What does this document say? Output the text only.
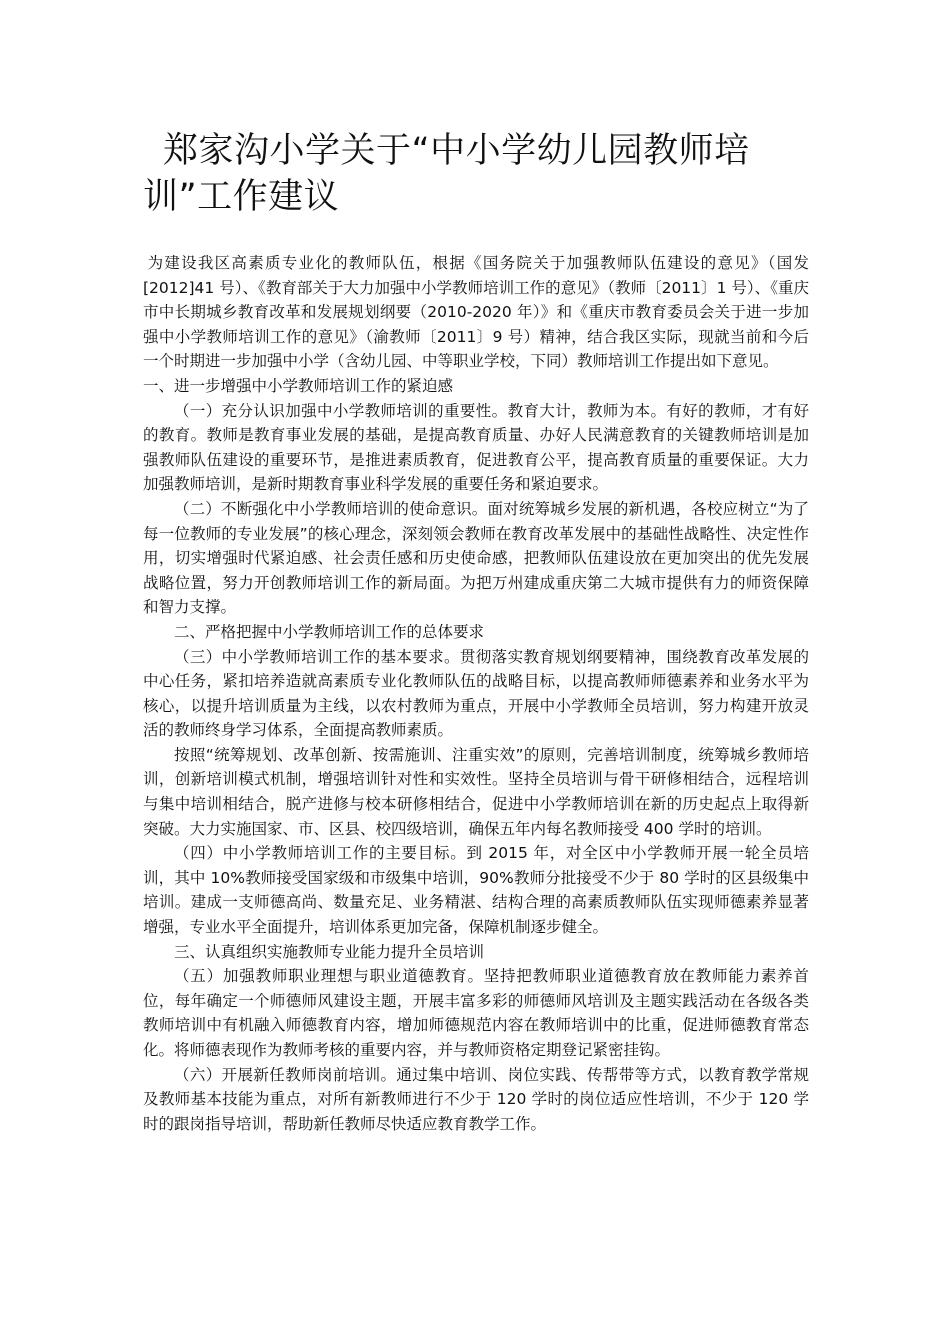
郑家沟小学关于“中小学幼儿园教师培训”工作建议

为建设我区高素质专业化的教师队伍，根据《国务院关于加强教师队伍建设的意见》（国发[2012]41 号）、《教育部关于大力加强中小学教师培训工作的意见》（教师〔2011〕1 号）、《重庆市中长期城乡教育改革和发展规划纲要（2010-2020 年）》和《重庆市教育委员会关于进一步加强中小学教师培训工作的意见》（渝教师〔2011〕9 号）精神，结合我区实际，现就当前和今后一个时期进一步加强中小学（含幼儿园、中等职业学校，下同）教师培训工作提出如下意见。

一、进一步增强中小学教师培训工作的紧迫感

（一）充分认识加强中小学教师培训的重要性。教育大计，教师为本。有好的教师，才有好的教育。教师是教育事业发展的基础，是提高教育质量、办好人民满意教育的关键教师培训是加强教师队伍建设的重要环节，是推进素质教育，促进教育公平，提高教育质量的重要保证。大力加强教师培训，是新时期教育事业科学发展的重要任务和紧迫要求。

（二）不断强化中小学教师培训的使命意识。面对统筹城乡发展的新机遇，各校应树立“为了每一位教师的专业发展”的核心理念，深刻领会教师在教育改革发展中的基础性战略性、决定性作用，切实增强时代紧迫感、社会责任感和历史使命感，把教师队伍建设放在更加突出的优先发展战略位置，努力开创教师培训工作的新局面。为把万州建成重庆第二大城市提供有力的师资保障和智力支撑。

二、严格把握中小学教师培训工作的总体要求

（三）中小学教师培训工作的基本要求。贯彻落实教育规划纲要精神，围绕教育改革发展的中心任务，紧扣培养造就高素质专业化教师队伍的战略目标，以提高教师师德素养和业务水平为核心，以提升培训质量为主线，以农村教师为重点，开展中小学教师全员培训，努力构建开放灵活的教师终身学习体系，全面提高教师素质。

按照“统筹规划、改革创新、按需施训、注重实效”的原则，完善培训制度，统筹城乡教师培训，创新培训模式机制，增强培训针对性和实效性。坚持全员培训与骨干研修相结合，远程培训与集中培训相结合，脱产进修与校本研修相结合，促进中小学教师培训在新的历史起点上取得新突破。大力实施国家、市、区县、校四级培训，确保五年内每名教师接受 400 学时的培训。

（四）中小学教师培训工作的主要目标。到 2015 年，对全区中小学教师开展一轮全员培训，其中 10%教师接受国家级和市级集中培训，90%教师分批接受不少于 80 学时的区县级集中培训。建成一支师德高尚、数量充足、业务精湛、结构合理的高素质教师队伍实现师德素养显著增强，专业水平全面提升，培训体系更加完备，保障机制逐步健全。

三、认真组织实施教师专业能力提升全员培训

（五）加强教师职业理想与职业道德教育。坚持把教师职业道德教育放在教师能力素养首位，每年确定一个师德师风建设主题，开展丰富多彩的师德师风培训及主题实践活动在各级各类教师培训中有机融入师德教育内容，增加师德规范内容在教师培训中的比重，促进师德教育常态化。将师德表现作为教师考核的重要内容，并与教师资格定期登记紧密挂钩。

（六）开展新任教师岗前培训。通过集中培训、岗位实践、传帮带等方式，以教育教学常规及教师基本技能为重点，对所有新教师进行不少于 120 学时的岗位适应性培训，不少于 120 学时的跟岗指导培训，帮助新任教师尽快适应教育教学工作。
